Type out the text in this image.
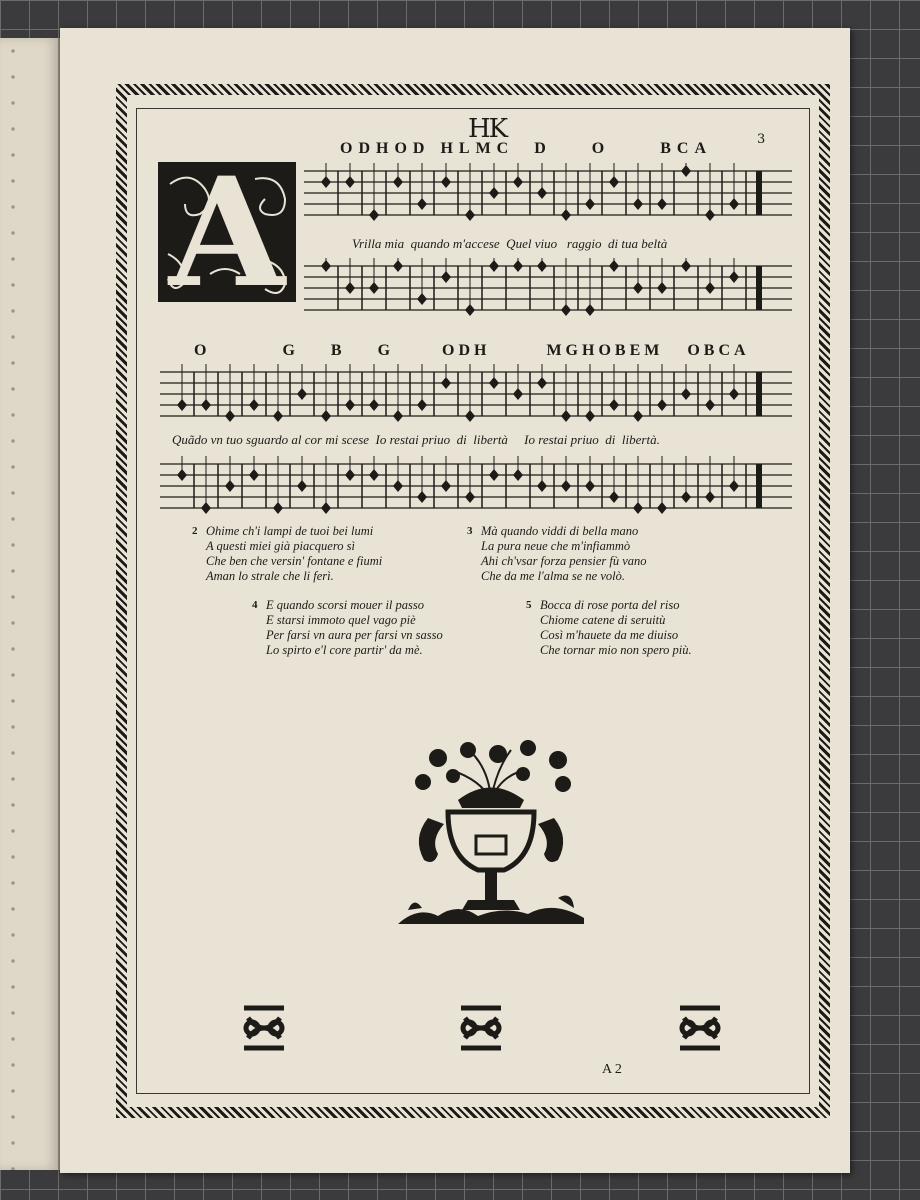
HK	3
A	ODHOD HLMC  D    O     BCA
Vrilla mia  quando m'accese  Quel viuo   raggio  di tua beltà
O         G    B    G      ODH       MGHOBEM   OBCA
Quãdo vn tuo sguardo al cor mi scese  Io restai priuo  di  libertà     Io restai priuo  di  libertà.
2 Ohime ch'i lampi de tuoi bei lumi
A questi miei già piacquero sì
Che ben che versin' fontane e fiumi
Aman lo strale che li ferì.
3 Mà quando viddi di bella mano
La pura neue che m'infiammò
Ahi ch'vsar forza pensier fù vano
Che da me l'alma se ne volò.
4 E quando scorsi mouer il passo
E starsi immoto quel vago piè
Per farsi vn aura per farsi vn sasso
Lo spirto e'l core partir' da mè.
5 Bocca di rose porta del riso
Chiome catene di seruitù
Così m'hauete da me diuiso
Che tornar mio non spero più.
A 2
